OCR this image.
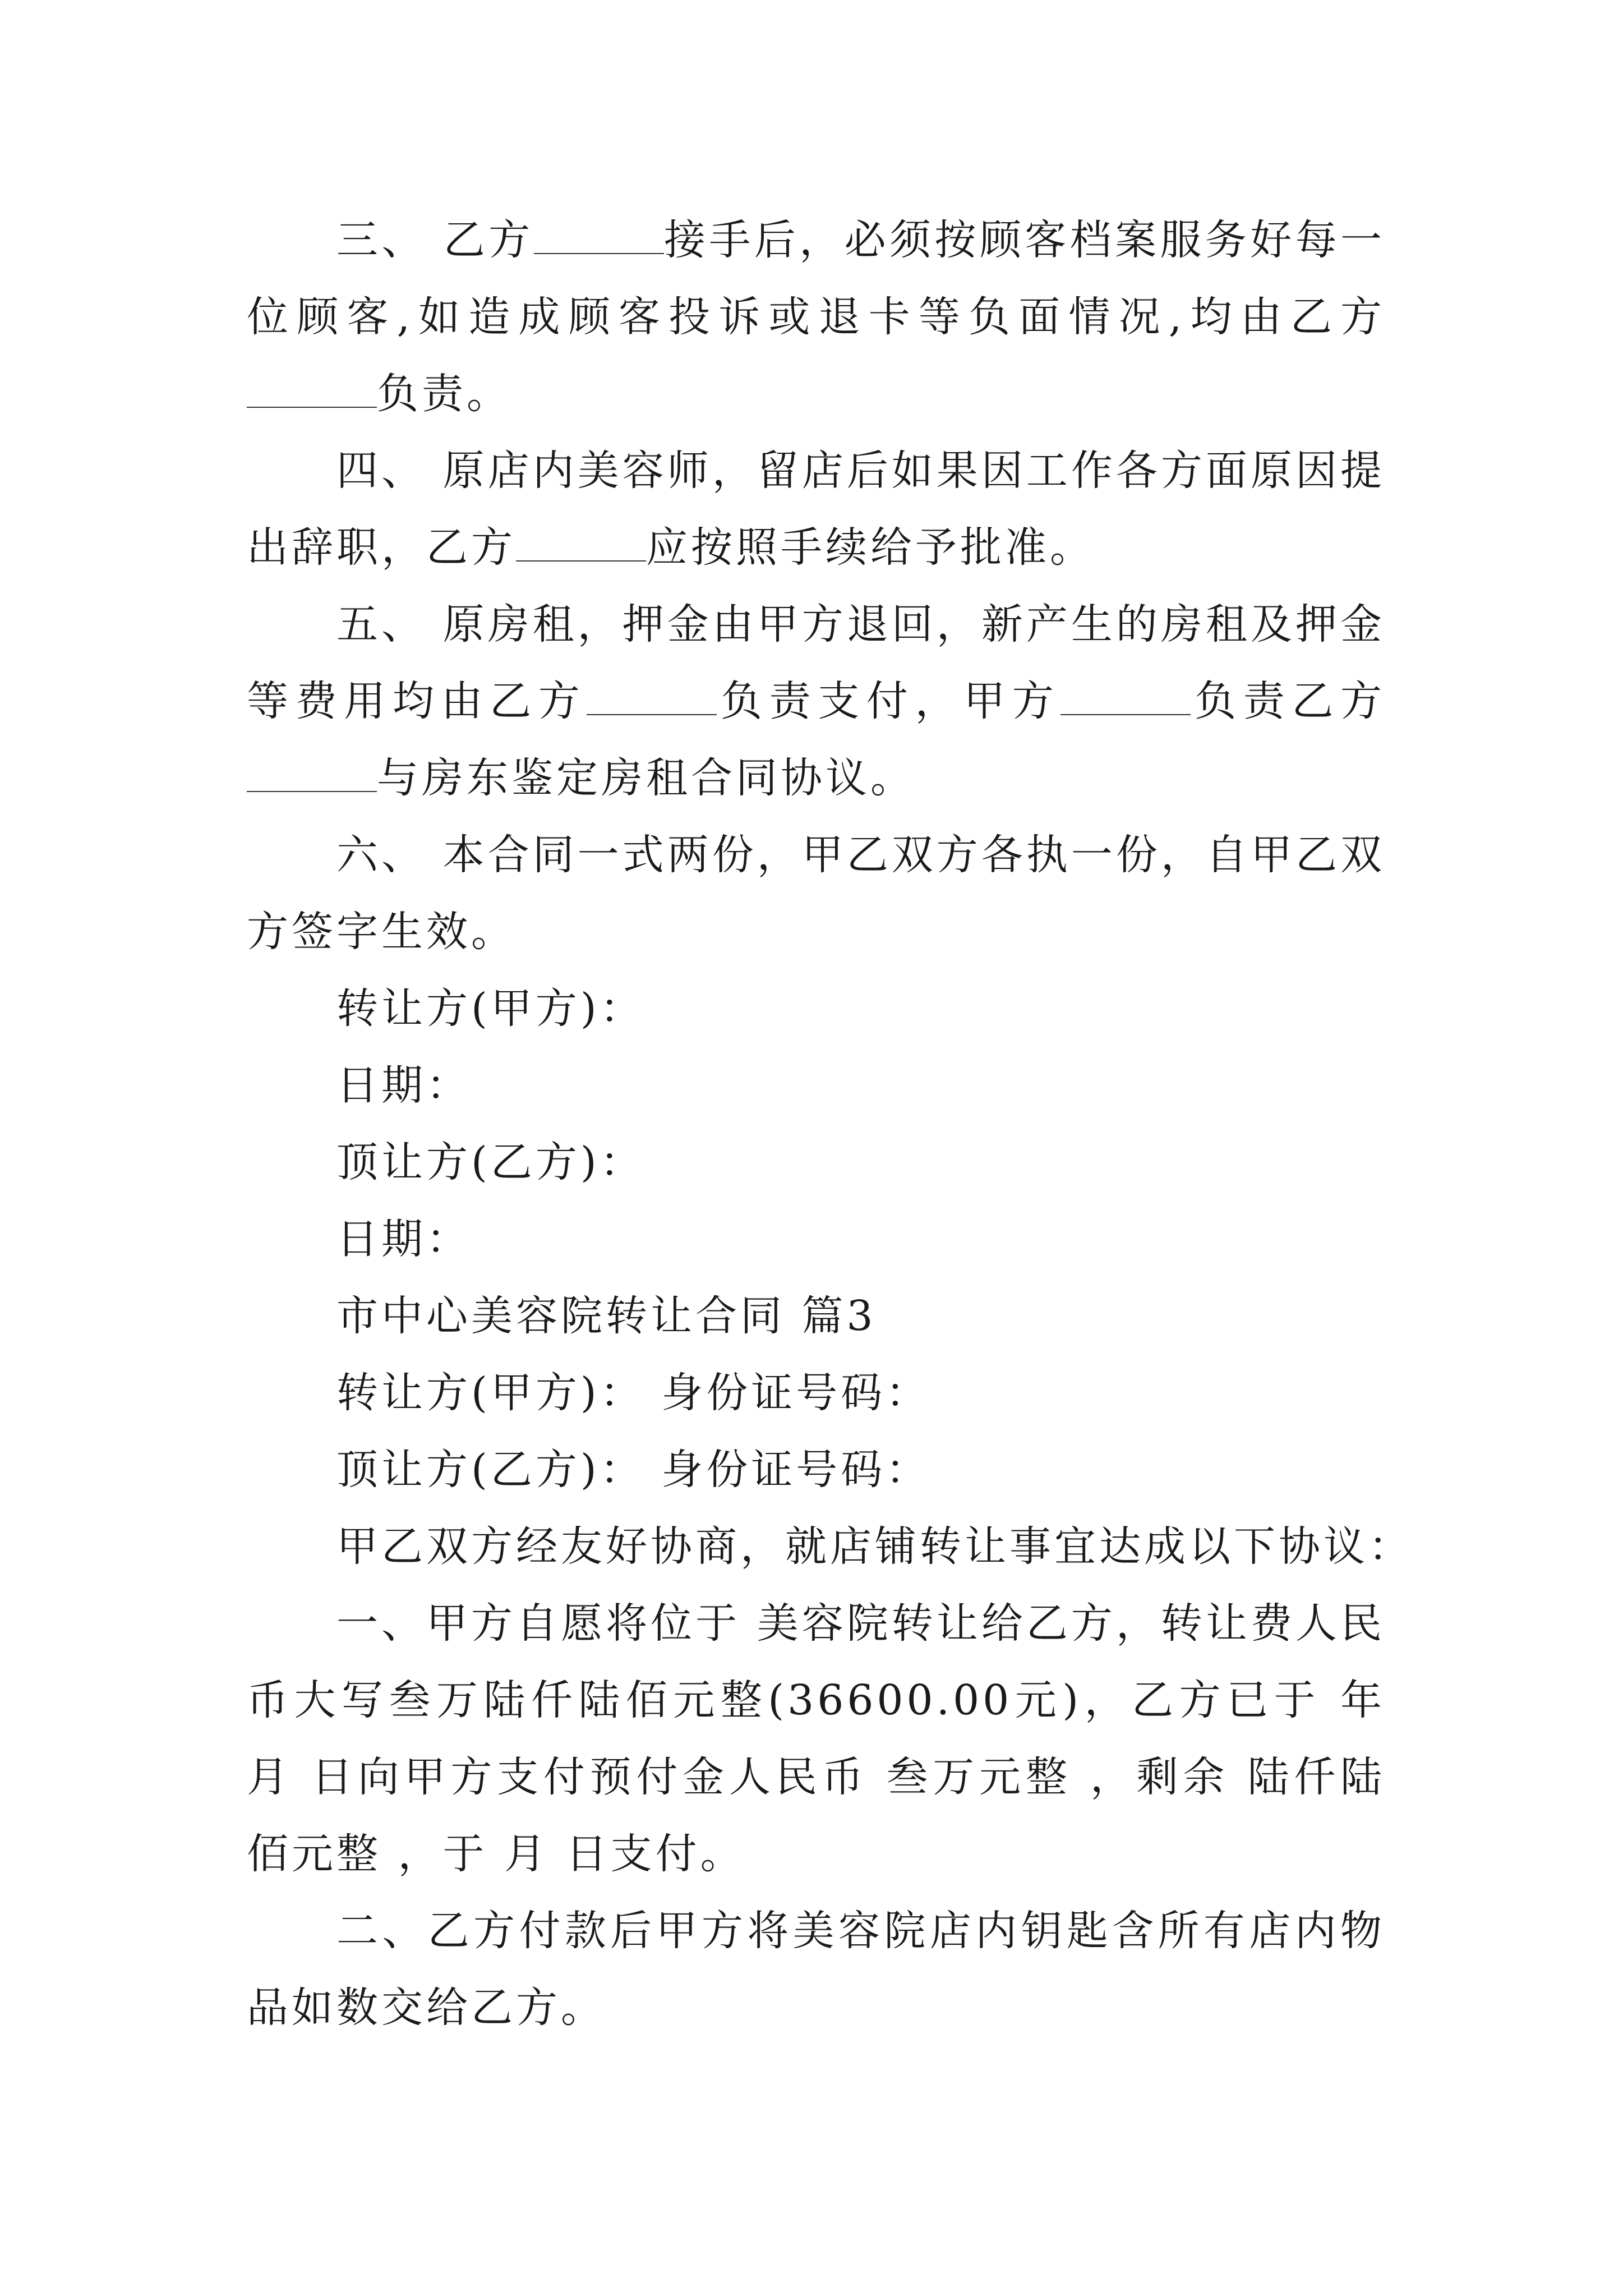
三、 乙方	接手后，必须按顾客档案服务好每一位顾客,如造成顾客投诉或退卡等负面情况,均由乙方负责。

四、 原店内美容师，留店后如果因工作各方面原因提出辞职，乙方	应按照手续给予批准。

五、 原房租，押金由甲方退回，新产生的房租及押金等费用均由乙方	负责支付，甲方	负责乙方与房东鉴定房租合同协议。

六、 本合同一式两份，甲乙双方各执一份，自甲乙双方签字生效。

转让方(甲方)：

日期：

顶让方(乙方)：

日期：

市中心美容院转让合同 篇3

转让方(甲方)： 身份证号码：

顶让方(乙方)： 身份证号码：

甲乙双方经友好协商，就店铺转让事宜达成以下协议：

一、甲方自愿将位于 美容院转让给乙方，转让费人民币大写叁万陆仟陆佰元整(36600.00元)，乙方已于 年 月 日向甲方支付预付金人民币 叁万元整 ，剩余 陆仟陆佰元整 ，于 月 日支付。

二、乙方付款后甲方将美容院店内钥匙含所有店内物品如数交给乙方。
